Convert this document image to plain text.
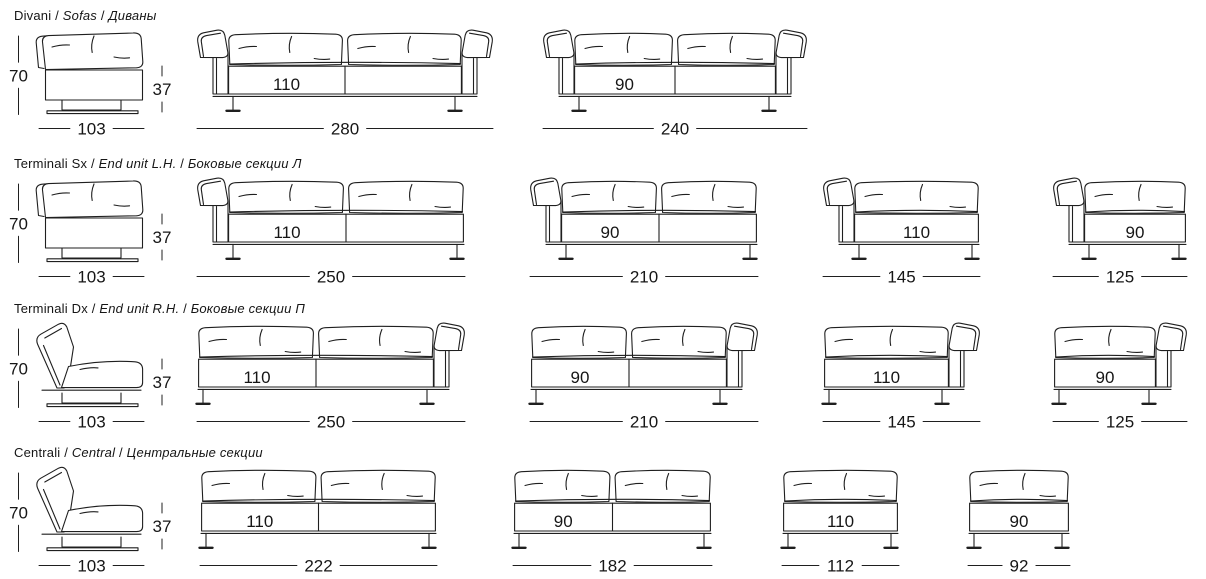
70
103
37	110
280
90
240
70
103
37	110
250
90
210
110
145
90
125
70
103
37	110
250
90
210
110
145
90
125
70
103
37	110
222
90
182
110
112
90
92
Divani / Sofas / Диваны
Terminali Sx / End unit L.H. / Боковые секции Л
Terminali Dx / End unit R.H. / Боковые секции П
Centrali / Central / Центральные секции
